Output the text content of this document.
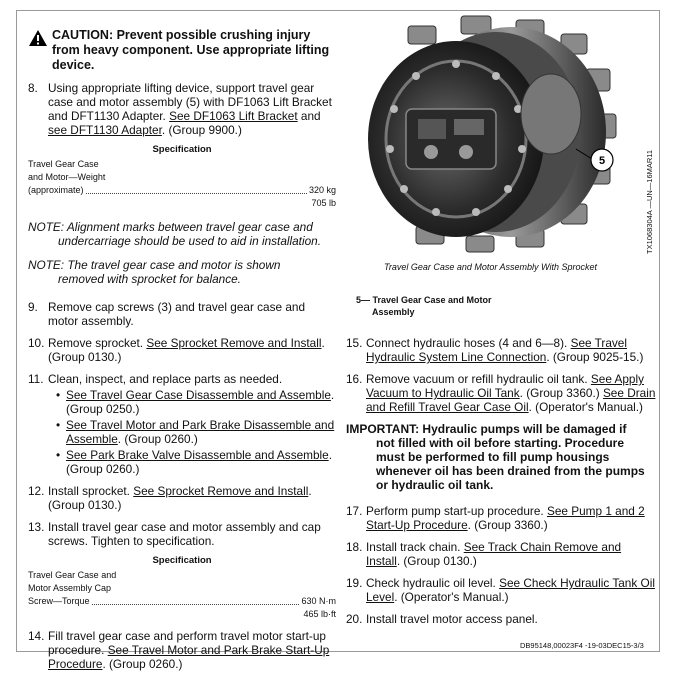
CAUTION: Prevent possible crushing injury from heavy component. Use appropriate lifting device.
8. Using appropriate lifting device, support travel gear case and motor assembly (5) with DF1063 Lift Bracket and DFT1130 Adapter. See DF1063 Lift Bracket and see DFT1130 Adapter. (Group 9900.)
Specification
Travel Gear Case
and Motor—Weight
(approximate)	320 kg
705 lb
NOTE: Alignment marks between travel gear case and
undercarriage should be used to aid in installation.
NOTE: The travel gear case and motor is shown
removed with sprocket for balance.
9. Remove cap screws (3) and travel gear case and motor assembly.
10. Remove sprocket. See Sprocket Remove and Install. (Group 0130.)
11. Clean, inspect, and replace parts as needed.
• See Travel Gear Case Disassemble and Assemble. (Group 0250.)
• See Travel Motor and Park Brake Disassemble and Assemble. (Group 0260.)
• See Park Brake Valve Disassemble and Assemble. (Group 0260.)
12. Install sprocket. See Sprocket Remove and Install. (Group 0130.)
13. Install travel gear case and motor assembly and cap screws. Tighten to specification.
Specification
Travel Gear Case and
Motor Assembly Cap
Screw—Torque	630 N·m
465 lb·ft
14. Fill travel gear case and perform travel motor start-up procedure. See Travel Motor and Park Brake Start-Up Procedure. (Group 0260.)
5
Travel Gear Case and Motor Assembly With Sprocket
TX1068304A —UN—16MAR11
5— Travel Gear Case and Motor
Assembly
15. Connect hydraulic hoses (4 and 6—8). See Travel Hydraulic System Line Connection. (Group 9025-15.)
16. Remove vacuum or refill hydraulic oil tank. See Apply Vacuum to Hydraulic Oil Tank. (Group 3360.) See Drain and Refill Travel Gear Case Oil. (Operator's Manual.)
IMPORTANT: Hydraulic pumps will be damaged if
not filled with oil before starting. Procedure must be performed to fill pump housings whenever oil has been drained from the pumps or hydraulic oil tank.
17. Perform pump start-up procedure. See Pump 1 and 2 Start-Up Procedure. (Group 3360.)
18. Install track chain. See Track Chain Remove and Install. (Group 0130.)
19. Check hydraulic oil level. See Check Hydraulic Tank Oil Level. (Operator's Manual.)
20. Install travel motor access panel.
DB95148,00023F4 -19-03DEC15-3/3
